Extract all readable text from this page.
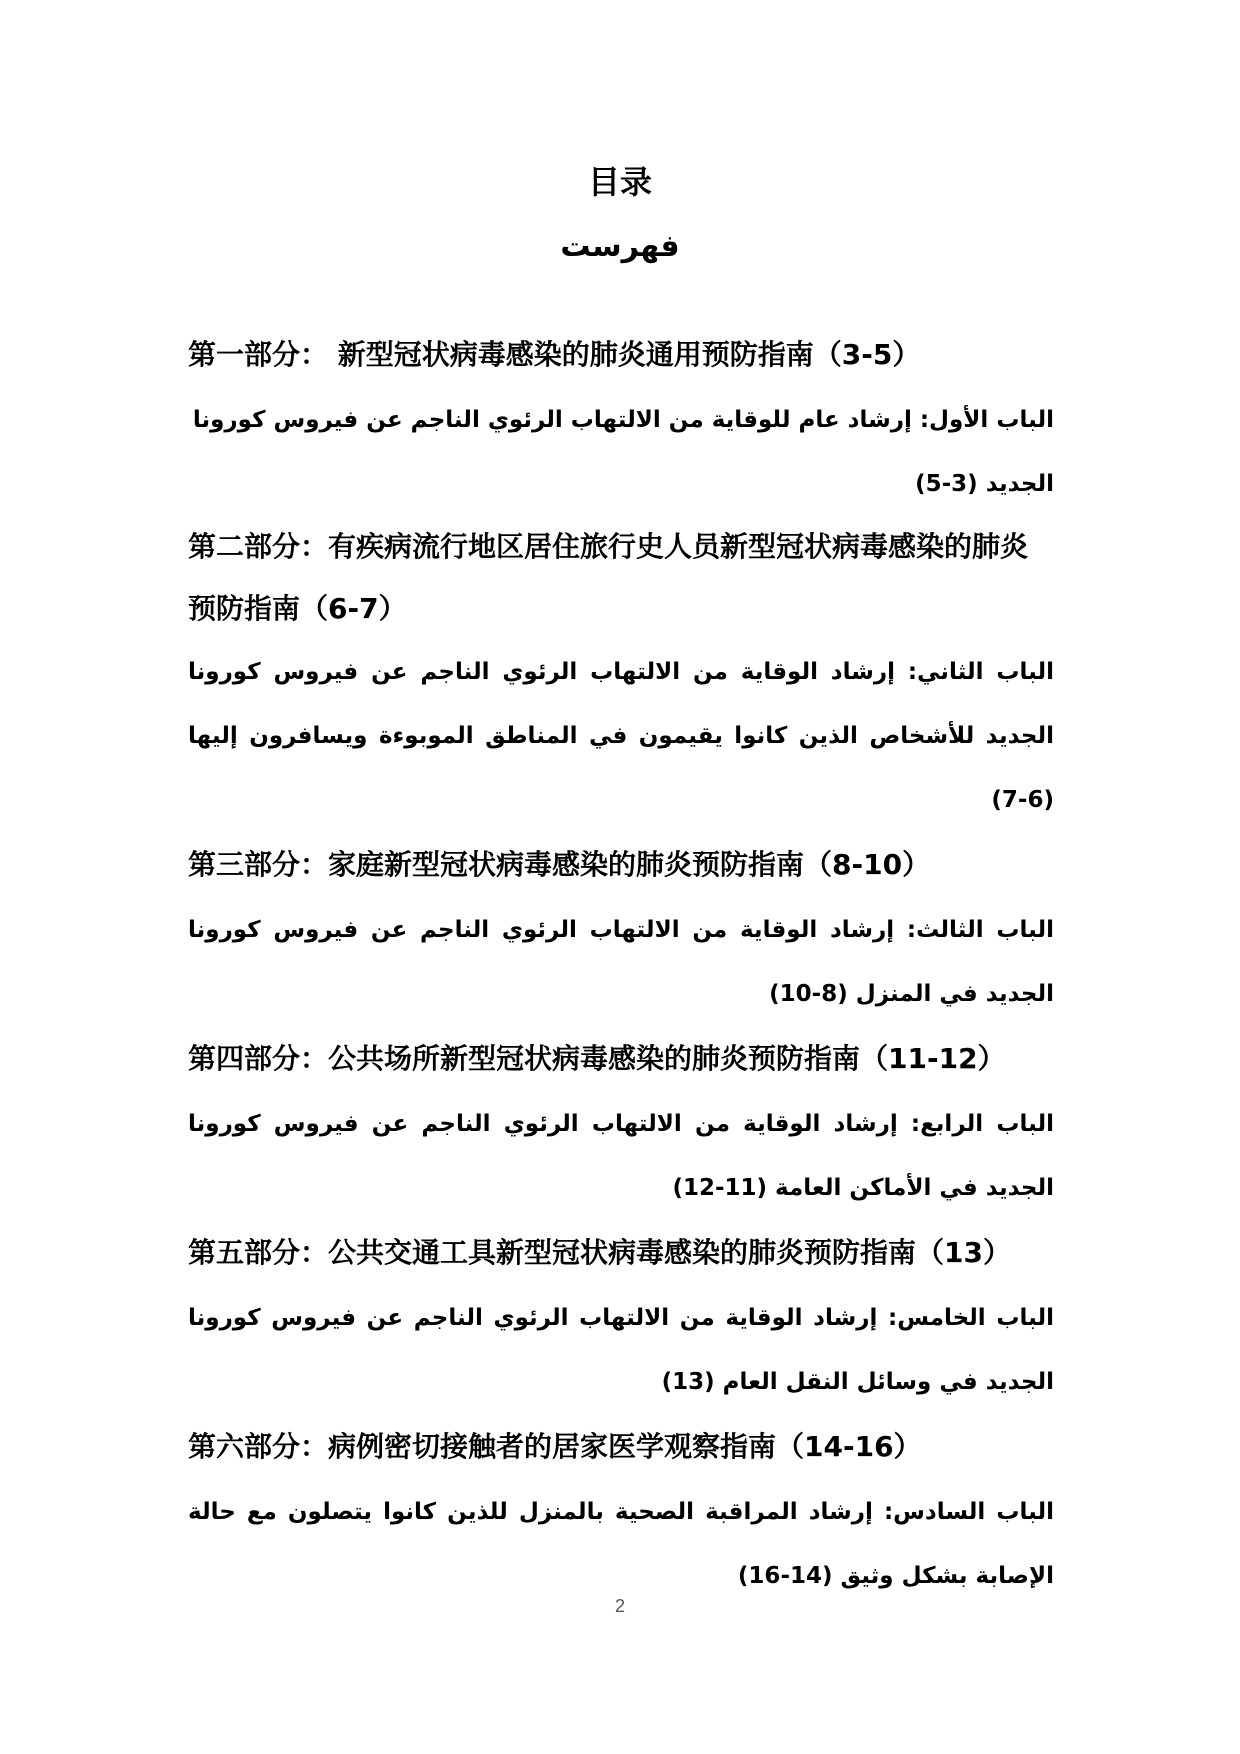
目录
فهرست
第一部分： 新型冠状病毒感染的肺炎通用预防指南（3-5）
الباب الأول: إرشاد عام للوقاية من الالتهاب الرئوي الناجم عن فيروس كورونا الجديد (3-5)
第二部分：有疾病流行地区居住旅行史人员新型冠状病毒感染的肺炎预防指南（6-7）
الباب الثاني: إرشاد الوقاية من الالتهاب الرئوي الناجم عن فيروس كورونا الجديد للأشخاص الذين كانوا يقيمون في المناطق الموبوءة ويسافرون إليها (6-7)
第三部分：家庭新型冠状病毒感染的肺炎预防指南（8-10）
الباب الثالث: إرشاد الوقاية من الالتهاب الرئوي الناجم عن فيروس كورونا الجديد في المنزل (8-10)
第四部分：公共场所新型冠状病毒感染的肺炎预防指南（11-12）
الباب الرابع: إرشاد الوقاية من الالتهاب الرئوي الناجم عن فيروس كورونا الجديد في الأماكن العامة (11-12)
第五部分：公共交通工具新型冠状病毒感染的肺炎预防指南（13）
الباب الخامس: إرشاد الوقاية من الالتهاب الرئوي الناجم عن فيروس كورونا الجديد في وسائل النقل العام (13)
第六部分：病例密切接触者的居家医学观察指南（14-16）
الباب السادس: إرشاد المراقبة الصحية بالمنزل للذين كانوا يتصلون مع حالة الإصابة بشكل وثيق (14-16)
2
